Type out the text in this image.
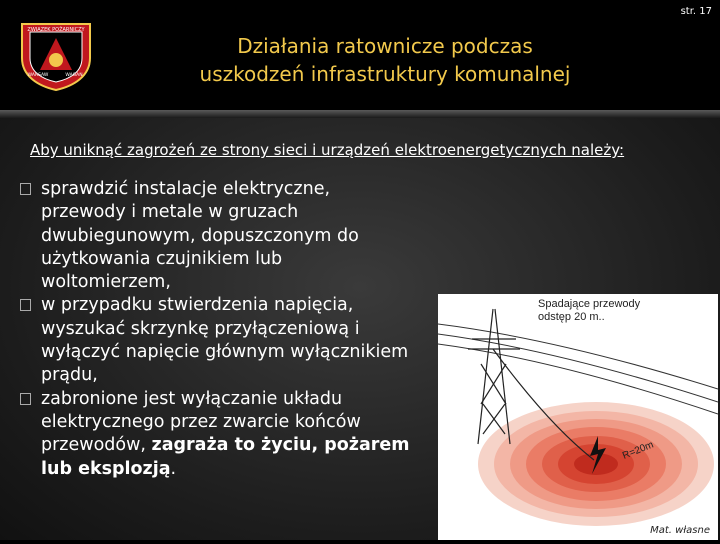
str. 17
ZWIĄZEK POŻARNICZY
WARSAW	WAGAN
Działania ratownicze podczas
uszkodzeń infrastruktury komunalnej
Aby uniknąć zagrożeń ze strony sieci i urządzeń elektroenergetycznych należy:
sprawdzić instalacje elektryczne,
przewody i metale w gruzach
dwubiegunowym, dopuszczonym do
użytkowania czujnikiem lub
woltomierzem,
w przypadku stwierdzenia napięcia,
wyszukać skrzynkę przyłączeniową i
wyłączyć napięcie głównym wyłącznikiem
prądu,
zabronione jest wyłączanie układu
elektrycznego przez zwarcie końców
przewodów, zagraża to życiu, pożarem
lub eksplozją.
R=20m
Spadające przewody
odstęp 20 m..
Mat. własne
